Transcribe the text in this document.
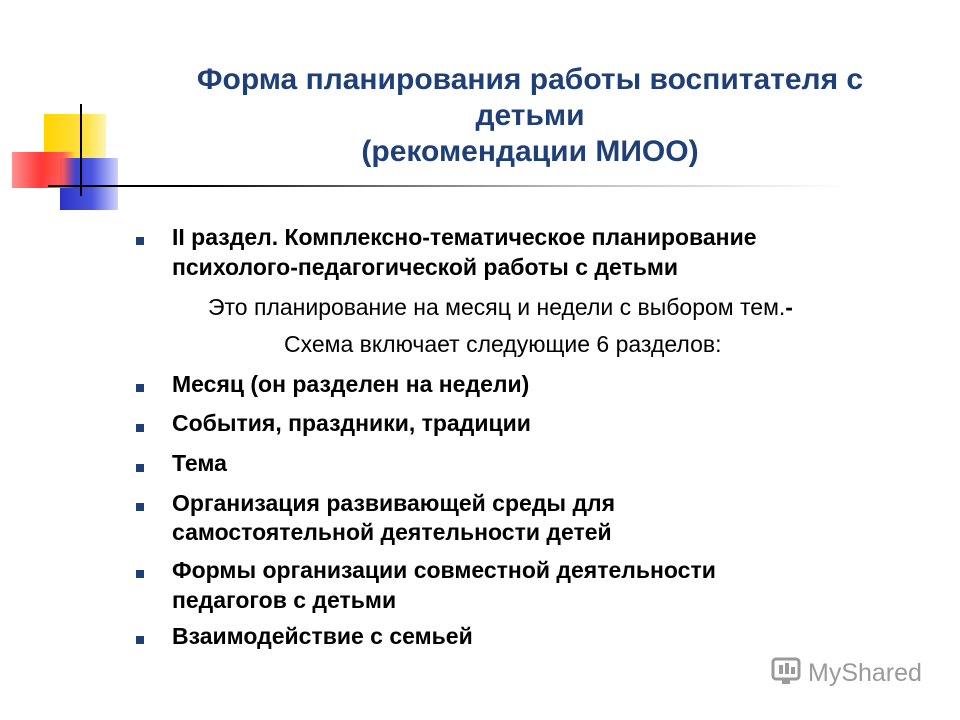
Форма планирования работы воспитателя с
детьми
(рекомендации МИОО)
II раздел. Комплексно-тематическое планирование
психолого-педагогической работы с детьми
Это планирование на месяц и недели с выбором тем.-
Схема включает следующие 6 разделов:
Месяц (он разделен на недели)
События, праздники, традиции
Тема
Организация развивающей среды для
самостоятельной деятельности детей
Формы организации совместной деятельности
педагогов с детьми
Взаимодействие с семьей
MyShared
